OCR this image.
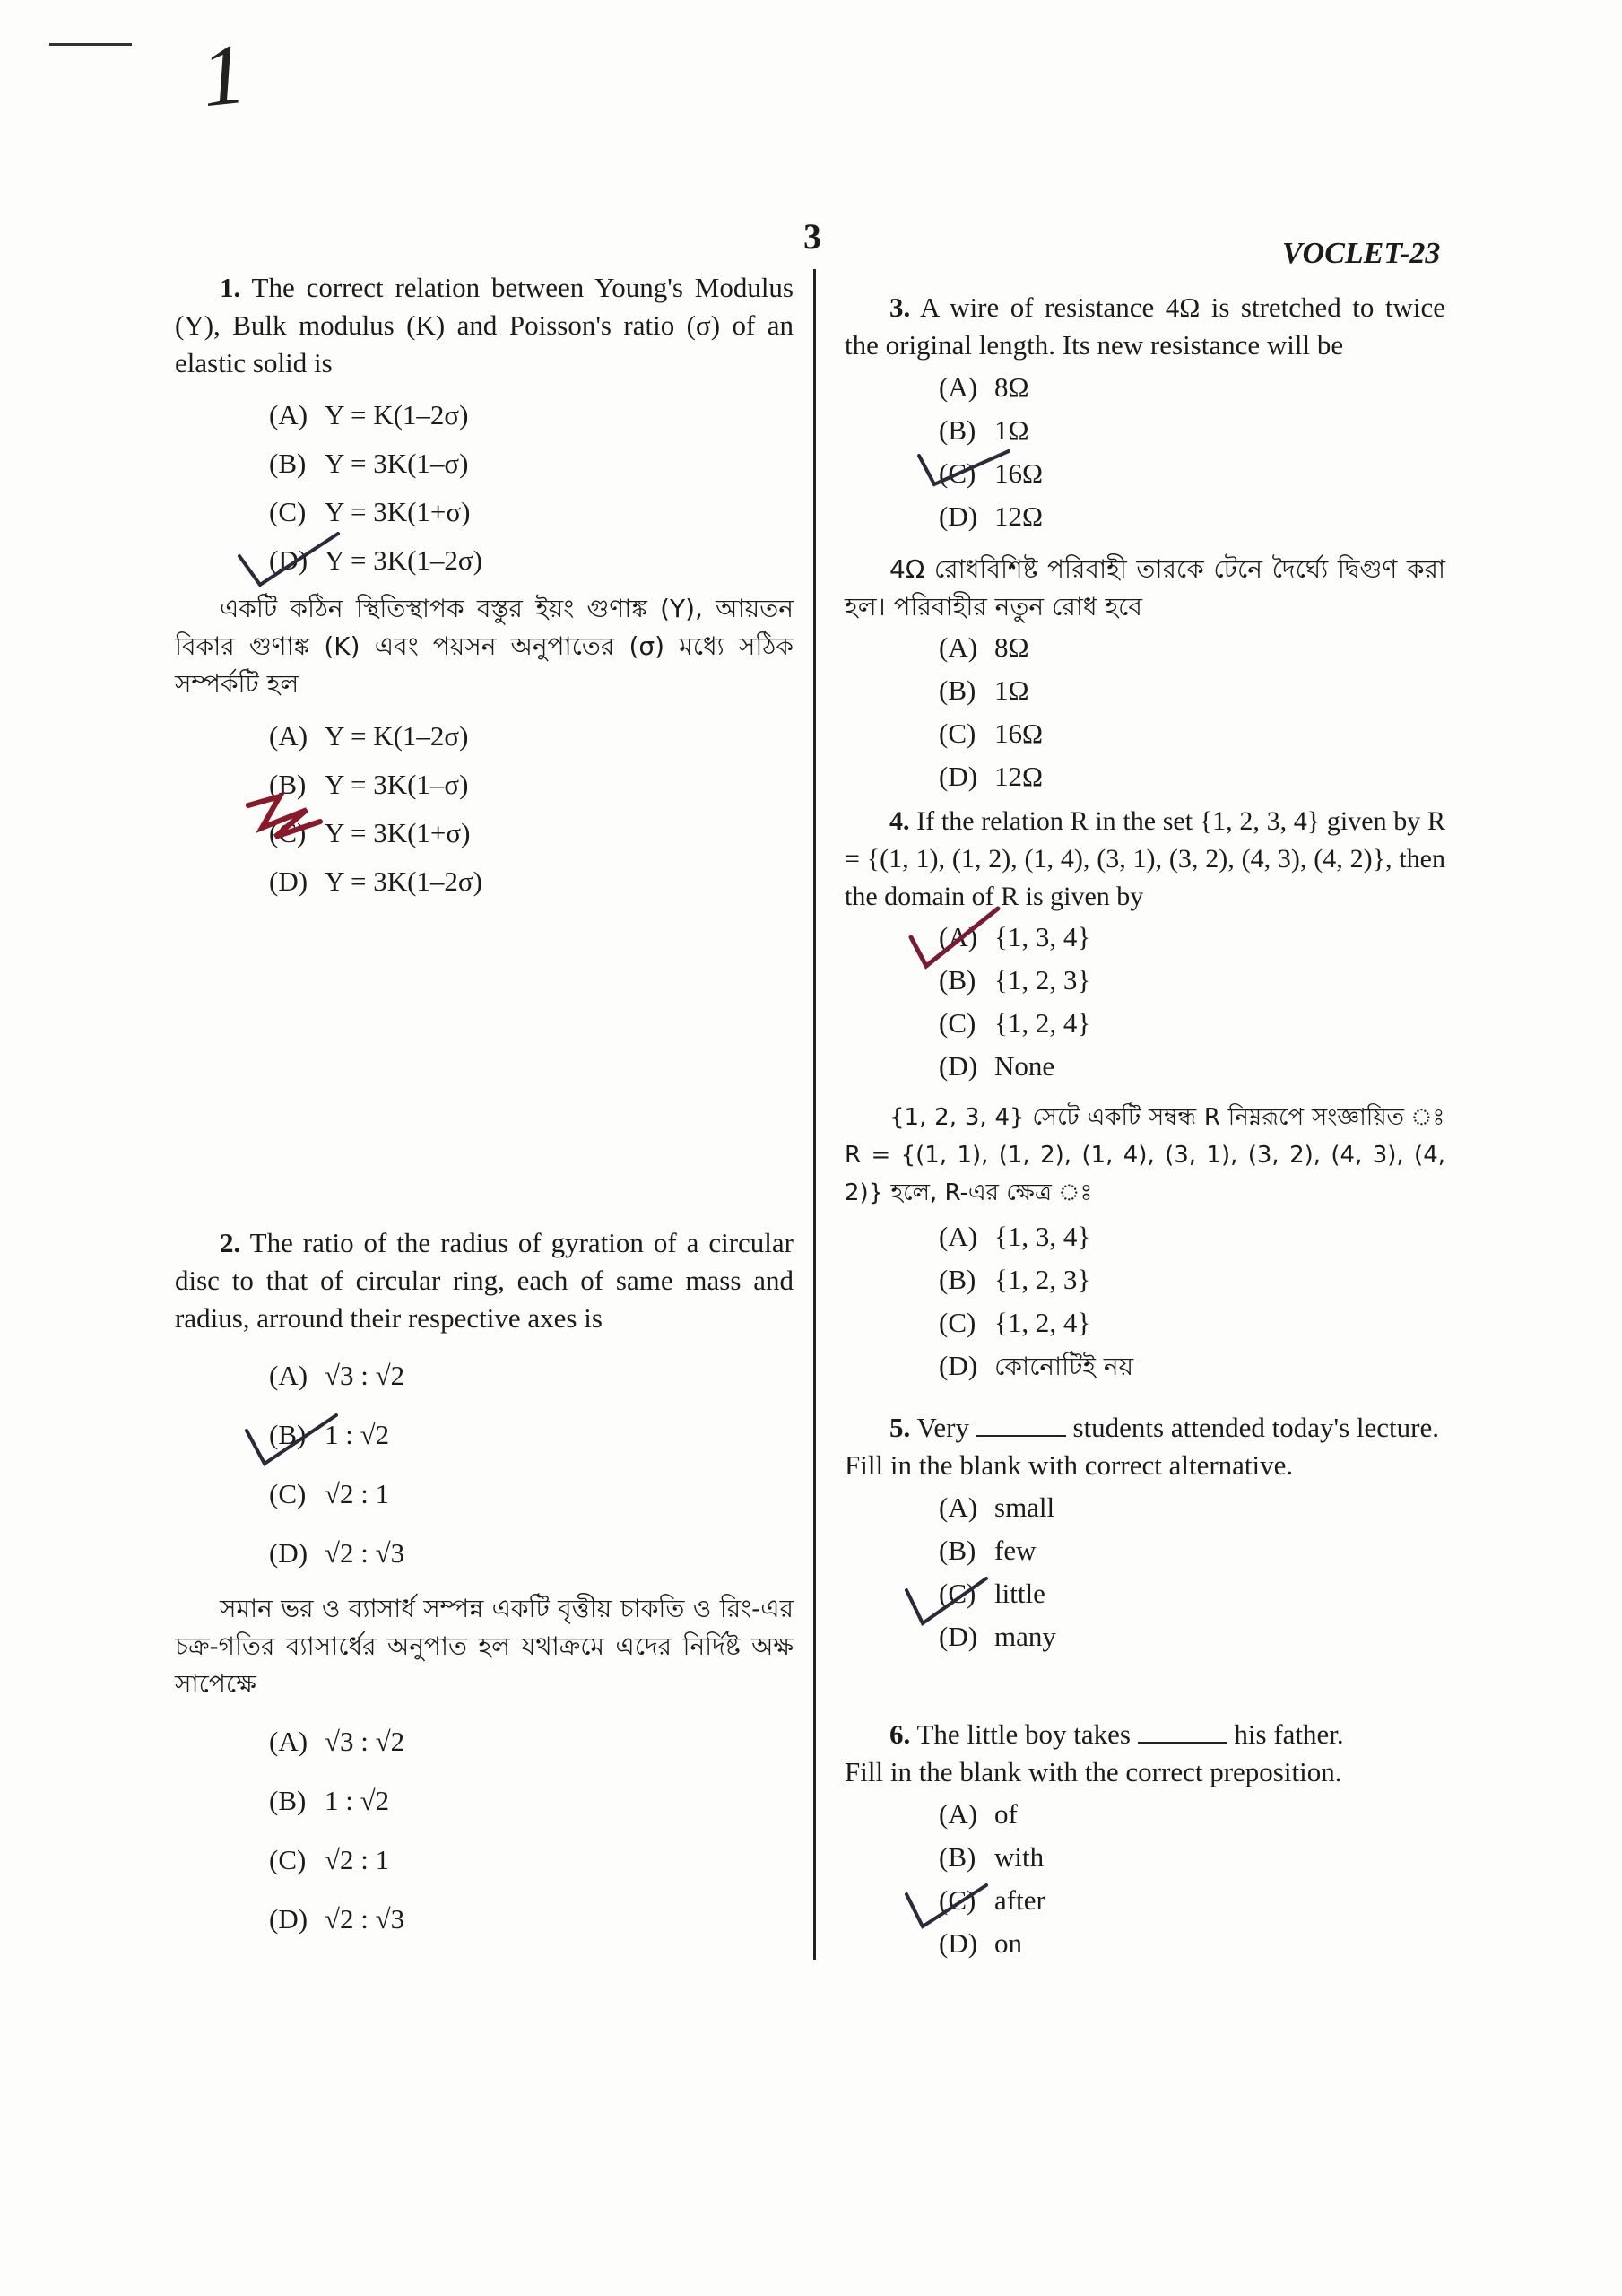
1
3	VOCLET-23

1. The correct relation between Young's Modulus (Y), Bulk modulus (K) and Poisson's ratio (σ) of an elastic solid is

(A) Y = K(1–2σ)
(B) Y = 3K(1–σ)
(C) Y = 3K(1+σ)
(D) Y = 3K(1–2σ)

একটি কঠিন স্থিতিস্থাপক বস্তুর ইয়ং গুণাঙ্ক (Y), আয়তন বিকার গুণাঙ্ক (K) এবং পয়সন অনুপাতের (σ) মধ্যে সঠিক সম্পর্কটি হল

(A) Y = K(1–2σ)
(B) Y = 3K(1–σ)
(C) Y = 3K(1+σ)
(D) Y = 3K(1–2σ)

2. The ratio of the radius of gyration of a circular disc to that of circular ring, each of same mass and radius, arround their respective axes is

(A) √3 : √2
(B) 1 : √2
(C) √2 : 1
(D) √2 : √3

সমান ভর ও ব্যাসার্ধ সম্পন্ন একটি বৃত্তীয় চাকতি ও রিং-এর চক্র-গতির ব্যাসার্ধের অনুপাত হল যথাক্রমে এদের নির্দিষ্ট অক্ষ সাপেক্ষে

(A) √3 : √2
(B) 1 : √2
(C) √2 : 1
(D) √2 : √3

3. A wire of resistance 4Ω is stretched to twice the original length. Its new resistance will be

(A) 8Ω
(B) 1Ω
(C) 16Ω
(D) 12Ω

4Ω রোধবিশিষ্ট পরিবাহী তারকে টেনে দৈর্ঘ্যে দ্বিগুণ করা হল। পরিবাহীর নতুন রোধ হবে

(A) 8Ω
(B) 1Ω
(C) 16Ω
(D) 12Ω

4. If the relation R in the set {1, 2, 3, 4} given by R = {(1, 1), (1, 2), (1, 4), (3, 1), (3, 2), (4, 3), (4, 2)}, then the domain of R is given by

(A) {1, 3, 4}
(B) {1, 2, 3}
(C) {1, 2, 4}
(D) None

{1, 2, 3, 4} সেটে একটি সম্বন্ধ R নিম্নরূপে সংজ্ঞায়িত ঃ R = {(1, 1), (1, 2), (1, 4), (3, 1), (3, 2), (4, 3), (4, 2)} হলে, R-এর ক্ষেত্র ঃ

(A) {1, 3, 4}
(B) {1, 2, 3}
(C) {1, 2, 4}
(D) কোনোটিই নয়

5. Very	students attended today's lecture.

Fill in the blank with correct alternative.

(A) small
(B) few
(C) little
(D) many

6. The little boy takes	his father.

Fill in the blank with the correct preposition.

(A) of
(B) with
(C) after
(D) on
